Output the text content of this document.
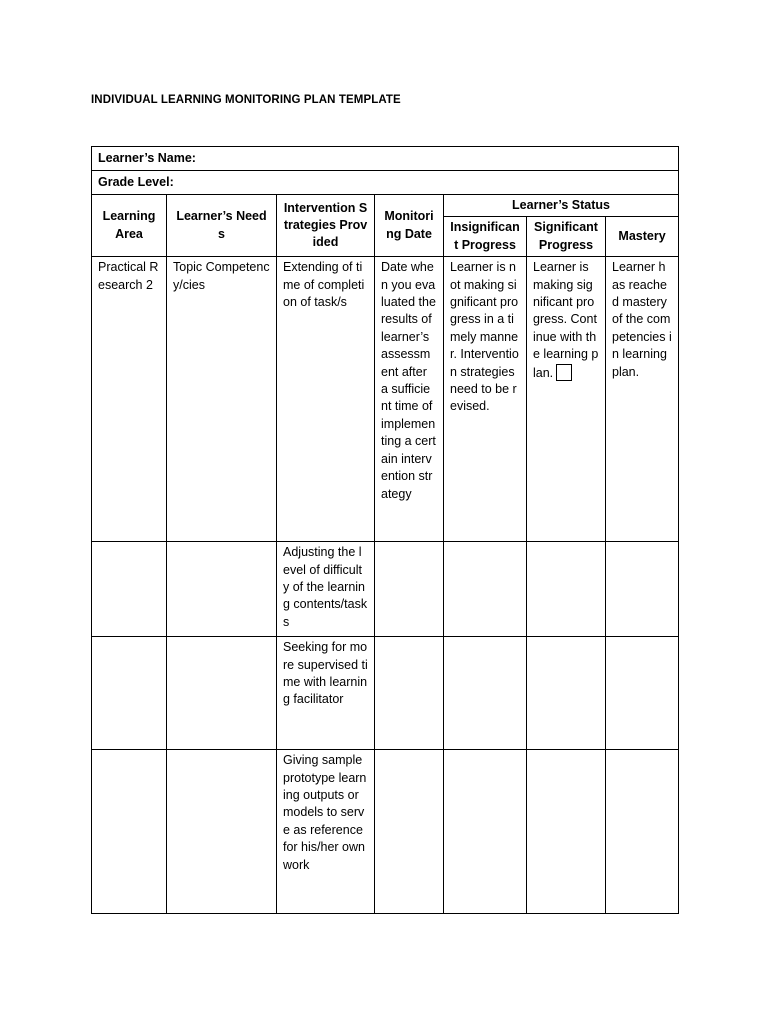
INDIVIDUAL LEARNING MONITORING PLAN TEMPLATE
Learner’s Name:						
Grade Level:						
Learning Area	Learner’s Needs	Intervention Strategies Provided	Monitoring Date	Learner’s Status		
				Insignificant Progress	Significant Progress	Mastery
Practical Research 2	Topic Competency/cies	Extending of time of completion of task/s	Date when you evaluated the results of learner’s assessment after a sufficient time of implementing a certain intervention strategy	Learner is not making significant progress in a timely manner. Intervention strategies need to be revised.	Learner is making significant progress. Continue with the learning plan.	Learner has reached mastery of the competencies in learning plan.
		Adjusting the level of difficulty of the learning contents/tasks				
		Seeking for more supervised time with learning facilitator				
		Giving sample prototype learning outputs or models to serve as reference for his/her own work				
